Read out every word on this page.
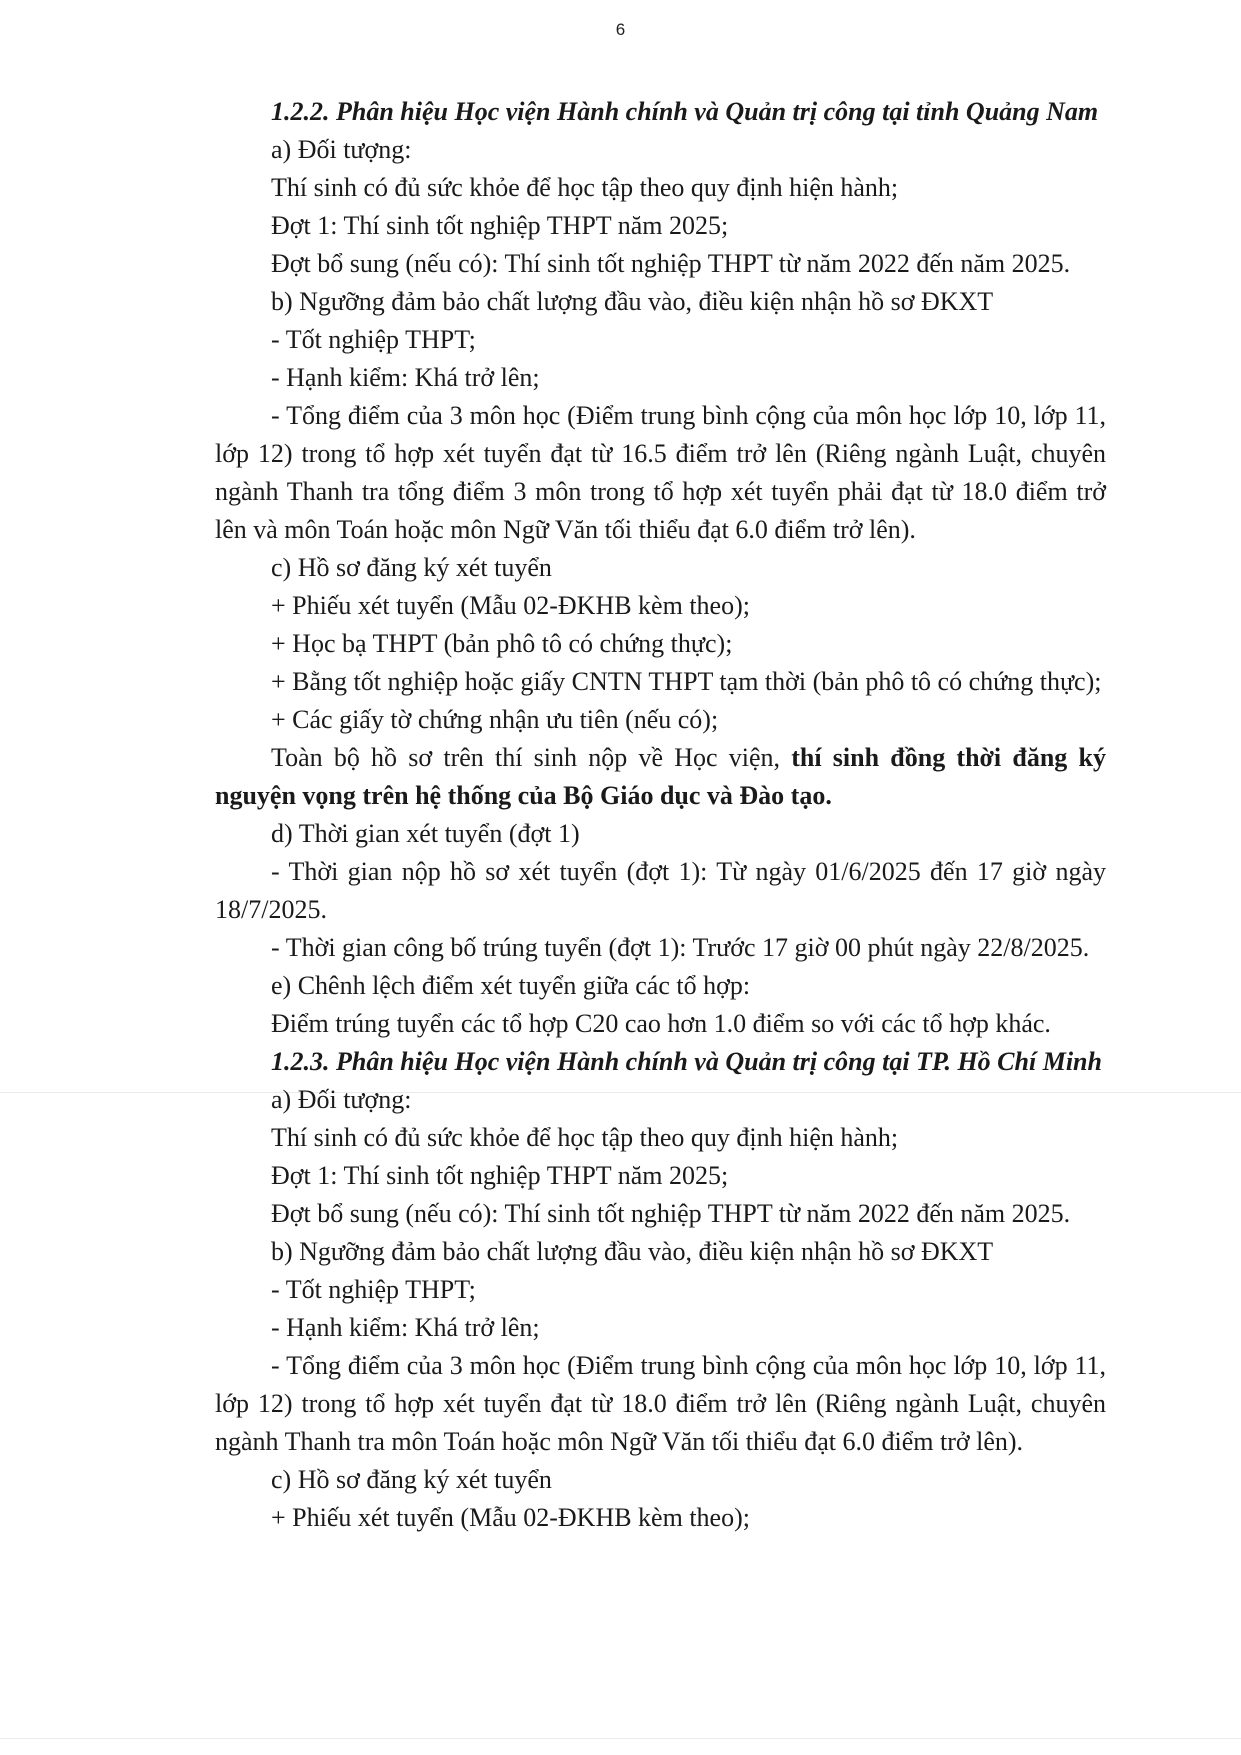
6

1.2.2. Phân hiệu Học viện Hành chính và Quản trị công tại tỉnh Quảng Nam

a) Đối tượng:

Thí sinh có đủ sức khỏe để học tập theo quy định hiện hành;

Đợt 1: Thí sinh tốt nghiệp THPT năm 2025;

Đợt bổ sung (nếu có): Thí sinh tốt nghiệp THPT từ năm 2022 đến năm 2025.

b) Ngưỡng đảm bảo chất lượng đầu vào, điều kiện nhận hồ sơ ĐKXT

- Tốt nghiệp THPT;

- Hạnh kiểm: Khá trở lên;

- Tổng điểm của 3 môn học (Điểm trung bình cộng của môn học lớp 10, lớp 11, lớp 12) trong tổ hợp xét tuyển đạt từ 16.5 điểm trở lên (Riêng ngành Luật, chuyên ngành Thanh tra tổng điểm 3 môn trong tổ hợp xét tuyển phải đạt từ 18.0 điểm trở lên và môn Toán hoặc môn Ngữ Văn tối thiểu đạt 6.0 điểm trở lên).

c) Hồ sơ đăng ký xét tuyển

+ Phiếu xét tuyển (Mẫu 02-ĐKHB kèm theo);

+ Học bạ THPT (bản phô tô có chứng thực);

+ Bằng tốt nghiệp hoặc giấy CNTN THPT tạm thời (bản phô tô có chứng thực);

+ Các giấy tờ chứng nhận ưu tiên (nếu có);

Toàn bộ hồ sơ trên thí sinh nộp về Học viện, thí sinh đồng thời đăng ký nguyện vọng trên hệ thống của Bộ Giáo dục và Đào tạo.

d) Thời gian xét tuyển (đợt 1)

- Thời gian nộp hồ sơ xét tuyển (đợt 1): Từ ngày 01/6/2025 đến 17 giờ ngày 18/7/2025.

- Thời gian công bố trúng tuyển (đợt 1): Trước 17 giờ 00 phút ngày 22/8/2025.

e) Chênh lệch điểm xét tuyển giữa các tổ hợp:

Điểm trúng tuyển các tổ hợp C20 cao hơn 1.0 điểm so với các tổ hợp khác.

1.2.3. Phân hiệu Học viện Hành chính và Quản trị công tại TP. Hồ Chí Minh

a) Đối tượng:

Thí sinh có đủ sức khỏe để học tập theo quy định hiện hành;

Đợt 1: Thí sinh tốt nghiệp THPT năm 2025;

Đợt bổ sung (nếu có): Thí sinh tốt nghiệp THPT từ năm 2022 đến năm 2025.

b) Ngưỡng đảm bảo chất lượng đầu vào, điều kiện nhận hồ sơ ĐKXT

- Tốt nghiệp THPT;

- Hạnh kiểm: Khá trở lên;

- Tổng điểm của 3 môn học (Điểm trung bình cộng của môn học lớp 10, lớp 11, lớp 12) trong tổ hợp xét tuyển đạt từ 18.0 điểm trở lên (Riêng ngành Luật, chuyên ngành Thanh tra môn Toán hoặc môn Ngữ Văn tối thiểu đạt 6.0 điểm trở lên).

c) Hồ sơ đăng ký xét tuyển

+ Phiếu xét tuyển (Mẫu 02-ĐKHB kèm theo);
